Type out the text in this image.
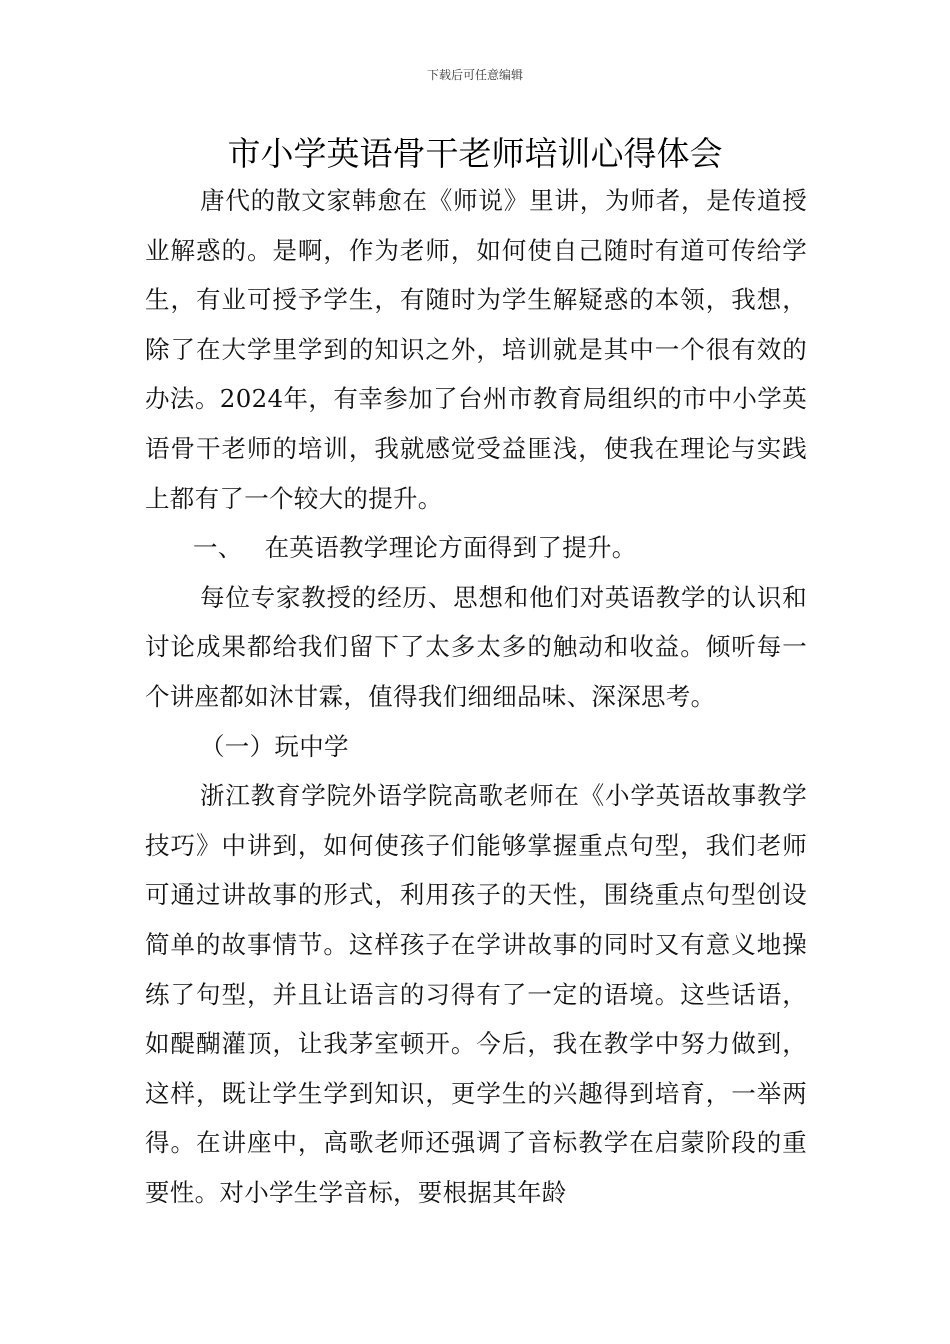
下载后可任意编辑
市小学英语骨干老师培训心得体会

唐代的散文家韩愈在《师说》里讲，为师者，是传道授业解惑的。是啊，作为老师，如何使自己随时有道可传给学生，有业可授予学生，有随时为学生解疑惑的本领，我想，除了在大学里学到的知识之外，培训就是其中一个很有效的办法。2024年，有幸参加了台州市教育局组织的市中小学英语骨干老师的培训，我就感觉受益匪浅，使我在理论与实践上都有了一个较大的提升。

一、 在英语教学理论方面得到了提升。

每位专家教授的经历、思想和他们对英语教学的认识和讨论成果都给我们留下了太多太多的触动和收益。倾听每一个讲座都如沐甘霖，值得我们细细品味、深深思考。

（一）玩中学

浙江教育学院外语学院高歌老师在《小学英语故事教学技巧》中讲到，如何使孩子们能够掌握重点句型，我们老师可通过讲故事的形式，利用孩子的天性，围绕重点句型创设简单的故事情节。这样孩子在学讲故事的同时又有意义地操练了句型，并且让语言的习得有了一定的语境。这些话语，如醍醐灌顶，让我茅室顿开。今后，我在教学中努力做到，这样，既让学生学到知识，更学生的兴趣得到培育，一举两得。在讲座中，高歌老师还强调了音标教学在启蒙阶段的重要性。对小学生学音标，要根据其年龄
